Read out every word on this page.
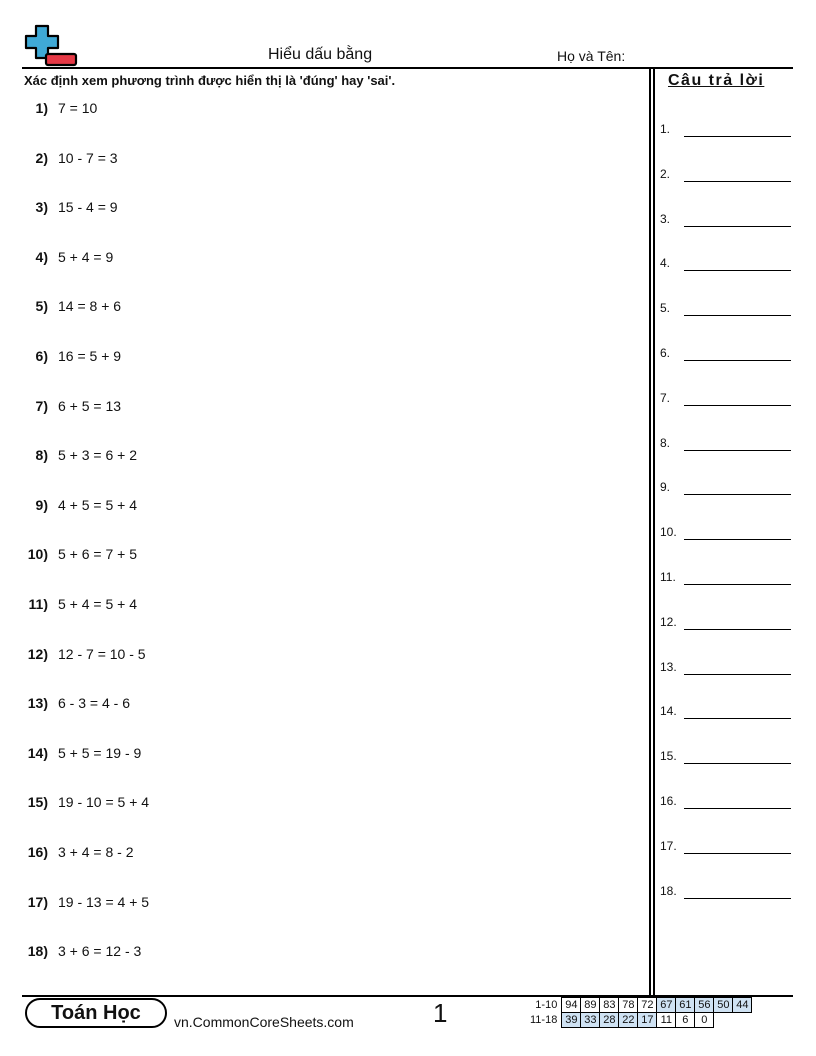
Hiểu dấu bằng	Họ và Tên:
Xác định xem phương trình được hiển thị là 'đúng' hay 'sai'.	Câu trả lời
1) 7 = 10
2) 10 - 7 = 3
3) 15 - 4 = 9
4) 5 + 4 = 9
5) 14 = 8 + 6
6) 16 = 5 + 9
7) 6 + 5 = 13
8) 5 + 3 = 6 + 2
9) 4 + 5 = 5 + 4
10) 5 + 6 = 7 + 5
11) 5 + 4 = 5 + 4
12) 12 - 7 = 10 - 5
13) 6 - 3 = 4 - 6
14) 5 + 5 = 19 - 9
15) 19 - 10 = 5 + 4
16) 3 + 4 = 8 - 2
17) 19 - 13 = 4 + 5
18) 3 + 6 = 12 - 3
1.
2.
3.
4.
5.
6.
7.
8.
9.
10.
11.
12.
13.
14.
15.
16.
17.
18.
Toán Học	vn.CommonCoreSheets.com	1	1-10	94	89	83	78	72	67	61	56	50	44
11-18	39	33	28	22	17	11	6	0		
